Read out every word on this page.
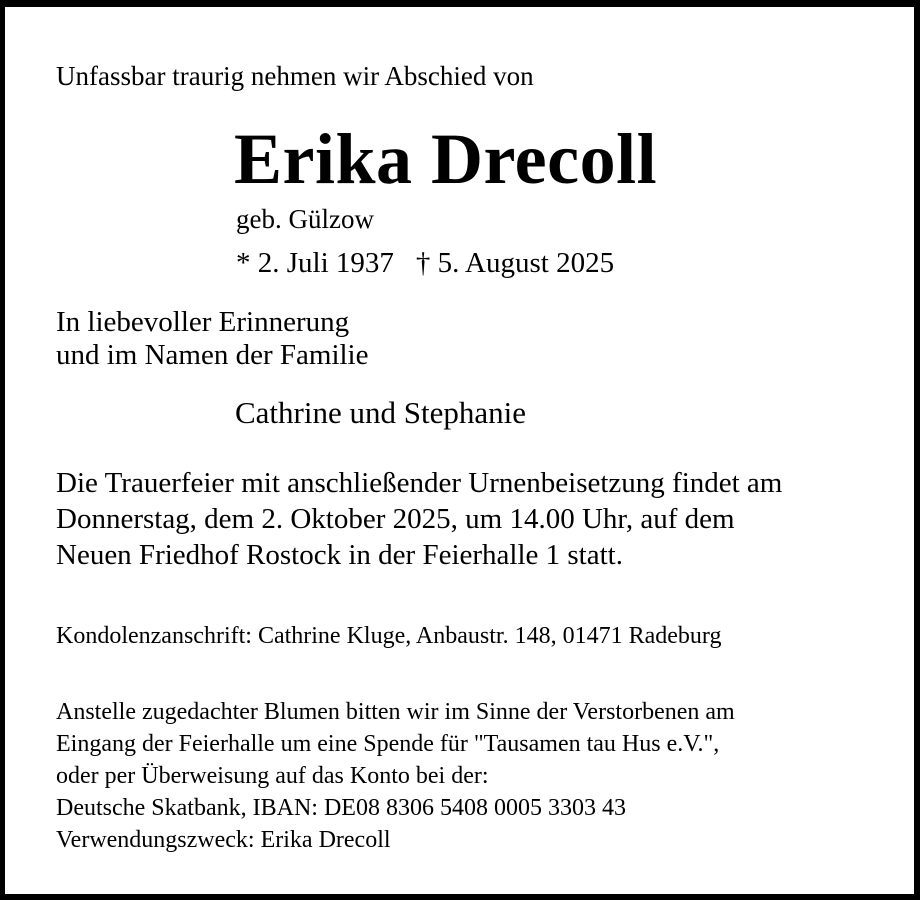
Unfassbar traurig nehmen wir Abschied von

Erika Drecoll

geb. Gülzow

* 2. Juli 1937 † 5. August 2025

In liebevoller Erinnerung
und im Namen der Familie

Cathrine und Stephanie

Die Trauerfeier mit anschließender Urnenbeisetzung findet am
Donnerstag, dem 2. Oktober 2025, um 14.00 Uhr, auf dem
Neuen Friedhof Rostock in der Feierhalle 1 statt.

Kondolenzanschrift: Cathrine Kluge, Anbaustr. 148, 01471 Radeburg

Anstelle zugedachter Blumen bitten wir im Sinne der Verstorbenen am
Eingang der Feierhalle um eine Spende für "Tausamen tau Hus e.V.",
oder per Überweisung auf das Konto bei der:
Deutsche Skatbank, IBAN: DE08 8306 5408 0005 3303 43
Verwendungszweck: Erika Drecoll
